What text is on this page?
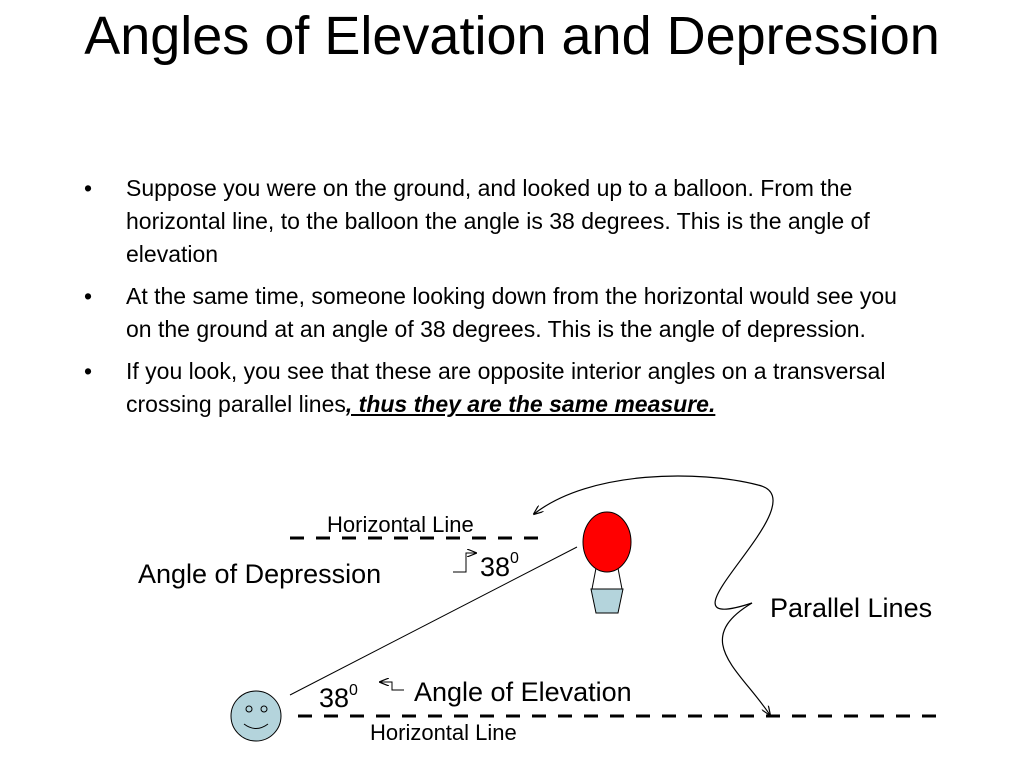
Angles of Elevation and Depression
• Suppose you were on the ground, and looked up to a balloon. From the horizontal line, to the balloon the angle is 38 degrees. This is the angle of elevation
• At the same time, someone looking down from the horizontal would see you on the ground at an angle of 38 degrees. This is the angle of depression.
• If you look, you see that these are opposite interior angles on a transversal crossing parallel lines, thus they are the same measure.
Horizontal Line
Angle of Depression	38 0
Parallel Lines
38 0 Angle of Elevation
Horizontal Line
